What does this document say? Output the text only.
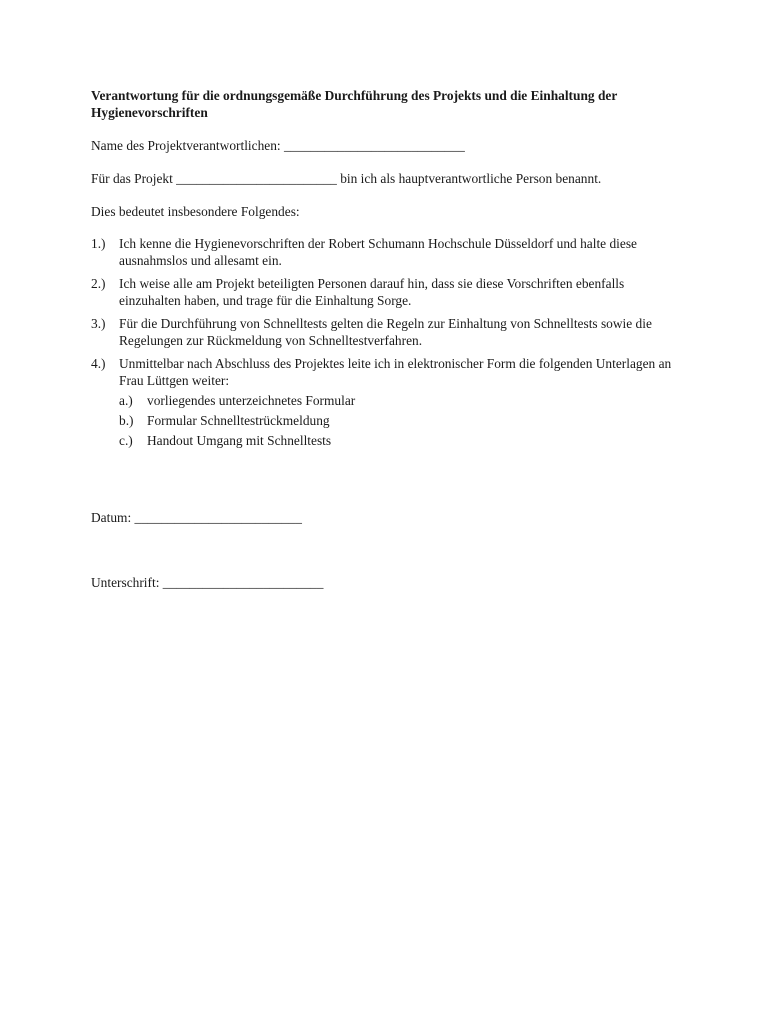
Verantwortung für die ordnungsgemäße Durchführung des Projekts und die Einhaltung der Hygienevorschriften

Name des Projektverantwortlichen: ___________________________

Für das Projekt ________________________ bin ich als hauptverantwortliche Person benannt.

Dies bedeutet insbesondere Folgendes:

1.) Ich kenne die Hygienevorschriften der Robert Schumann Hochschule Düsseldorf und halte diese ausnahmslos und allesamt ein.
2.) Ich weise alle am Projekt beteiligten Personen darauf hin, dass sie diese Vorschriften ebenfalls einzuhalten haben, und trage für die Einhaltung Sorge.
3.) Für die Durchführung von Schnelltests gelten die Regeln zur Einhaltung von Schnelltests sowie die Regelungen zur Rückmeldung von Schnelltestverfahren.
4.) Unmittelbar nach Abschluss des Projektes leite ich in elektronischer Form die folgenden Unterlagen an Frau Lüttgen weiter:
a.) vorliegendes unterzeichnetes Formular
b.) Formular Schnelltestrückmeldung
c.) Handout Umgang mit Schnelltests

Datum: _________________________

Unterschrift: ________________________
